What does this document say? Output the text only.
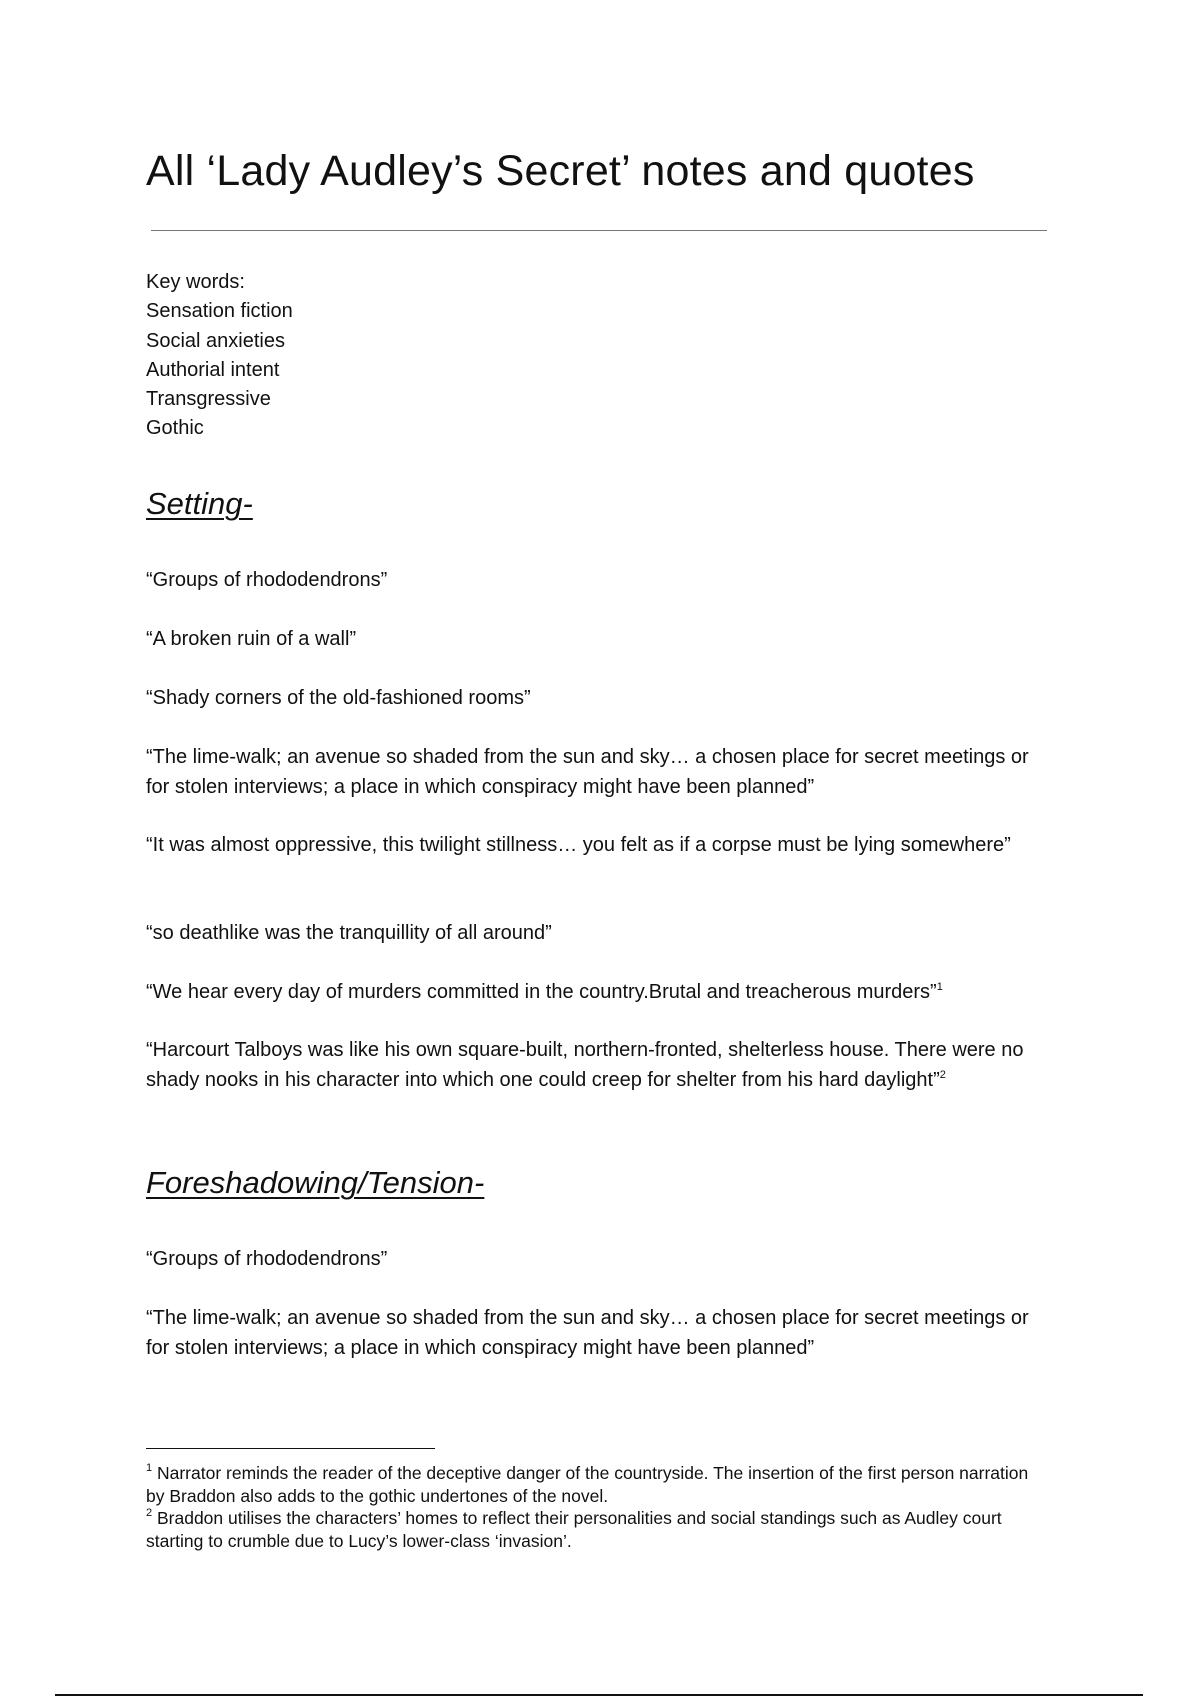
All ‘Lady Audley’s Secret’ notes and quotes
Key words:
Sensation fiction
Social anxieties
Authorial intent
Transgressive
Gothic
Setting-

“Groups of rhododendrons”

“A broken ruin of a wall”

“Shady corners of the old-fashioned rooms”

“The lime-walk; an avenue so shaded from the sun and sky… a chosen place for secret meetings or for stolen interviews; a place in which conspiracy might have been planned”

“It was almost oppressive, this twilight stillness… you felt as if a corpse must be lying somewhere”

“so deathlike was the tranquillity of all around”

“We hear every day of murders committed in the country.Brutal and treacherous murders”$^1$

“Harcourt Talboys was like his own square-built, northern-fronted, shelterless house. There were no shady nooks in his character into which one could creep for shelter from his hard daylight”$^2$

Foreshadowing/Tension-

“Groups of rhododendrons”

“The lime-walk; an avenue so shaded from the sun and sky… a chosen place for secret meetings or for stolen interviews; a place in which conspiracy might have been planned”

$^1$ Narrator reminds the reader of the deceptive danger of the countryside. The insertion of the first person narration by Braddon also adds to the gothic undertones of the novel.

$^2$ Braddon utilises the characters’ homes to reflect their personalities and social standings such as Audley court starting to crumble due to Lucy’s lower-class ‘invasion’.
